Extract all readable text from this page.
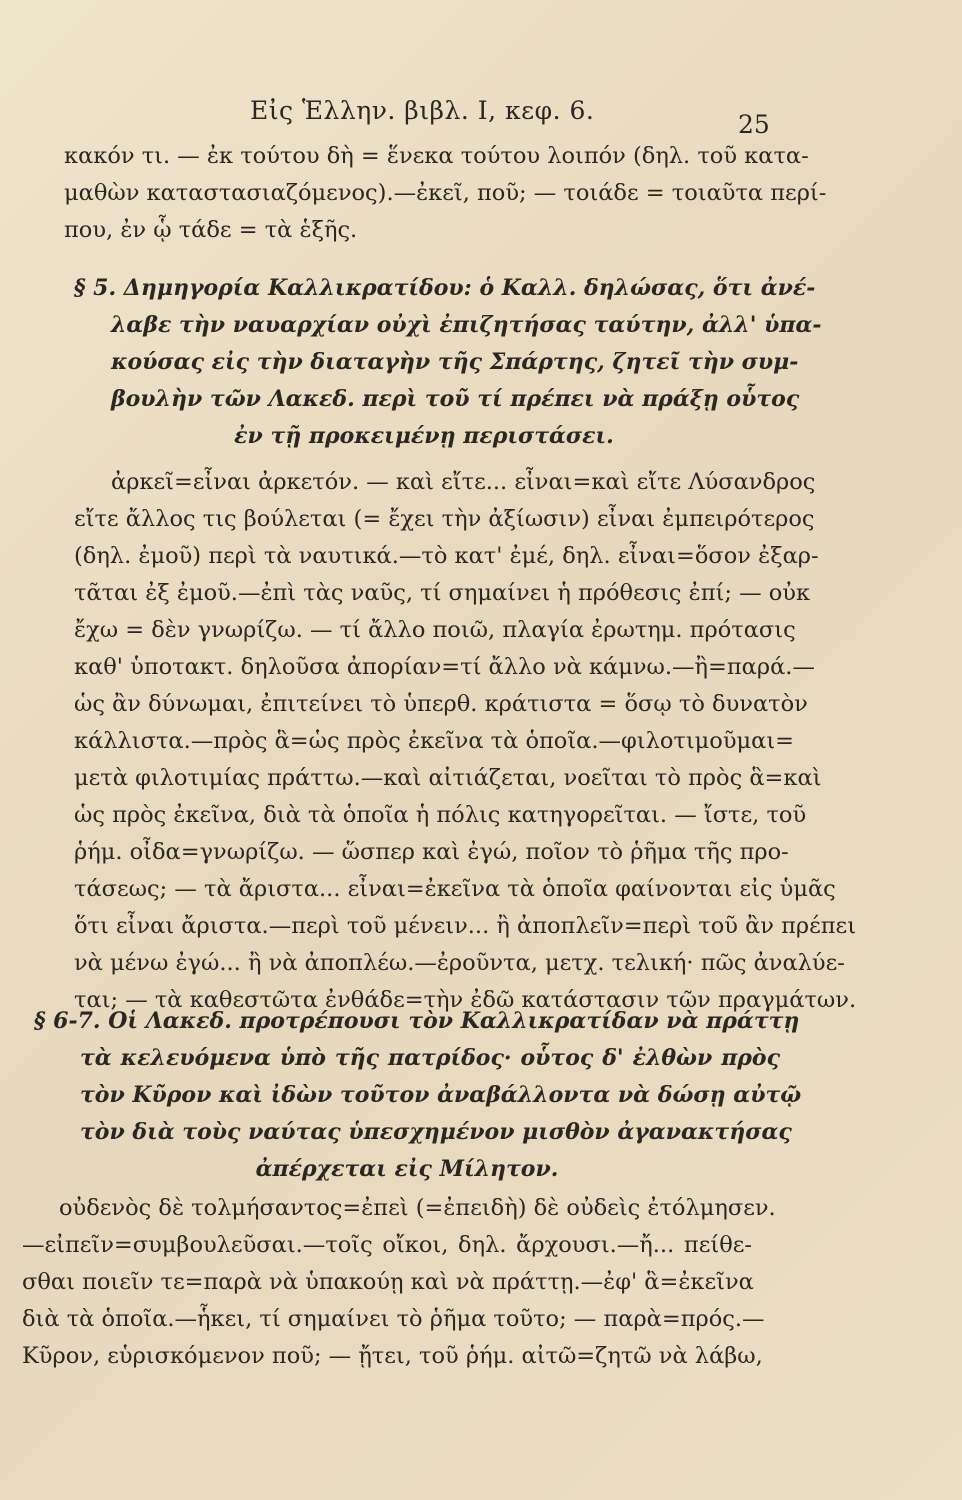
Εἰς Ἑλλην. βιβλ. Ι, κεφ. 6.	25
κακόν τι. — ἐκ τούτου δὴ = ἕνεκα τούτου λοιπόν (δηλ. τοῦ κατα-
μαθὼν καταστασιαζόμενος).—ἐκεῖ, ποῦ; — τοιάδε = τοιαῦτα περί-
που, ἐν ᾧ τάδε = τὰ ἑξῆς.
§ 5. Δημηγορία Καλλικρατίδου: ὁ Καλλ. δηλώσας, ὅτι ἀνέ-
λαβε τὴν ναυαρχίαν οὐχὶ ἐπιζητήσας ταύτην, ἀλλ' ὑπα-
κούσας εἰς τὴν διαταγὴν τῆς Σπάρτης, ζητεῖ τὴν συμ-
βουλὴν τῶν Λακεδ. περὶ τοῦ τί πρέπει νὰ πράξῃ οὗτος
ἐν τῇ προκειμένῃ περιστάσει.
ἀρκεῖ=εἶναι ἀρκετόν. — καὶ εἴτε... εἶναι=καὶ εἴτε Λύσανδρος
εἴτε ἄλλος τις βούλεται (= ἔχει τὴν ἀξίωσιν) εἶναι ἐμπειρότερος
(δηλ. ἐμοῦ) περὶ τὰ ναυτικά.—τὸ κατ' ἐμέ, δηλ. εἶναι=ὅσον ἐξαρ-
τᾶται ἐξ ἐμοῦ.—ἐπὶ τὰς ναῦς, τί σημαίνει ἡ πρόθεσις ἐπί; — οὐκ
ἔχω = δὲν γνωρίζω. — τί ἄλλο ποιῶ, πλαγία ἐρωτημ. πρότασις
καθ' ὑποτακτ. δηλοῦσα ἀπορίαν=τί ἄλλο νὰ κάμνω.—ἢ=παρά.—
ὡς ἂν δύνωμαι, ἐπιτείνει τὸ ὑπερθ. κράτιστα = ὅσῳ τὸ δυνατὸν
κάλλιστα.—πρὸς ἃ=ὡς πρὸς ἐκεῖνα τὰ ὁποῖα.—φιλοτιμοῦμαι=
μετὰ φιλοτιμίας πράττω.—καὶ αἰτιάζεται, νοεῖται τὸ πρὸς ἃ=καὶ
ὡς πρὸς ἐκεῖνα, διὰ τὰ ὁποῖα ἡ πόλις κατηγορεῖται. — ἴστε, τοῦ
ῥήμ. οἶδα=γνωρίζω. — ὥσπερ καὶ ἐγώ, ποῖον τὸ ῥῆμα τῆς προ-
τάσεως; — τὰ ἄριστα... εἶναι=ἐκεῖνα τὰ ὁποῖα φαίνονται εἰς ὑμᾶς
ὅτι εἶναι ἄριστα.—περὶ τοῦ μένειν... ἢ ἀποπλεῖν=περὶ τοῦ ἂν πρέπει
νὰ μένω ἐγώ... ἢ νὰ ἀποπλέω.—ἐροῦντα, μετχ. τελική· πῶς ἀναλύε-
ται; — τὰ καθεστῶτα ἐνθάδε=τὴν ἐδῶ κατάστασιν τῶν πραγμάτων.
§ 6-7. Οἱ Λακεδ. προτρέπουσι τὸν Καλλικρατίδαν νὰ πράττῃ
τὰ κελευόμενα ὑπὸ τῆς πατρίδος· οὗτος δ' ἐλθὼν πρὸς
τὸν Κῦρον καὶ ἰδὼν τοῦτον ἀναβάλλοντα νὰ δώσῃ αὐτῷ
τὸν διὰ τοὺς ναύτας ὑπεσχημένον μισθὸν ἀγανακτήσας
ἀπέρχεται εἰς Μίλητον.
οὐδενὸς δὲ τολμήσαντος=ἐπεὶ (=ἐπειδὴ) δὲ οὐδεὶς ἐτόλμησεν.
—εἰπεῖν=συμβουλεῦσαι.—τοῖς οἴκοι, δηλ. ἄρχουσι.—ἤ... πείθε-
σθαι ποιεῖν τε=παρὰ νὰ ὑπακούῃ καὶ νὰ πράττῃ.—ἐφ' ἃ=ἐκεῖνα
διὰ τὰ ὁποῖα.—ἧκει, τί σημαίνει τὸ ῥῆμα τοῦτο; — παρὰ=πρός.—
Κῦρον, εὑρισκόμενον ποῦ; — ᾔτει, τοῦ ῥήμ. αἰτῶ=ζητῶ νὰ λάβω,
